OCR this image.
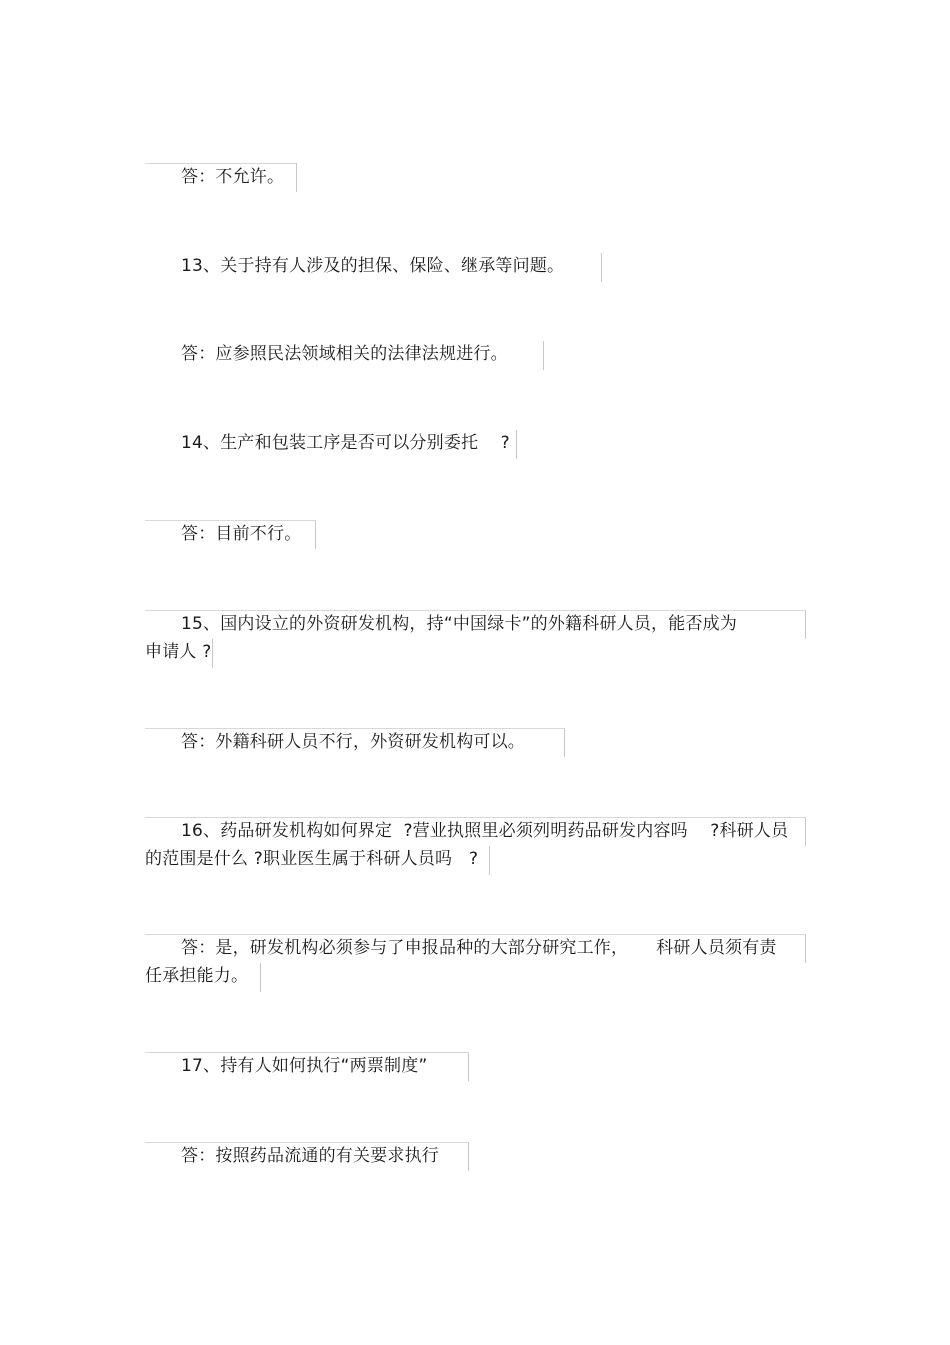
答：不允许。
13、关于持有人涉及的担保、保险、继承等问题。
答：应参照民法领域相关的法律法规进行。
14、生产和包装工序是否可以分别委托    ?
答：目前不行。
15、国内设立的外资研发机构，持“中国绿卡”的外籍科研人员，能否成为
申请人 ?
答：外籍科研人员不行，外资研发机构可以。
16、药品研发机构如何界定  ?营业执照里必须列明药品研发内容吗    ?科研人员
的范围是什么 ?职业医生属于科研人员吗   ?
答：是，研发机构必须参与了申报品种的大部分研究工作，     科研人员须有责
任承担能力。
17、持有人如何执行“两票制度”
答：按照药品流通的有关要求执行
